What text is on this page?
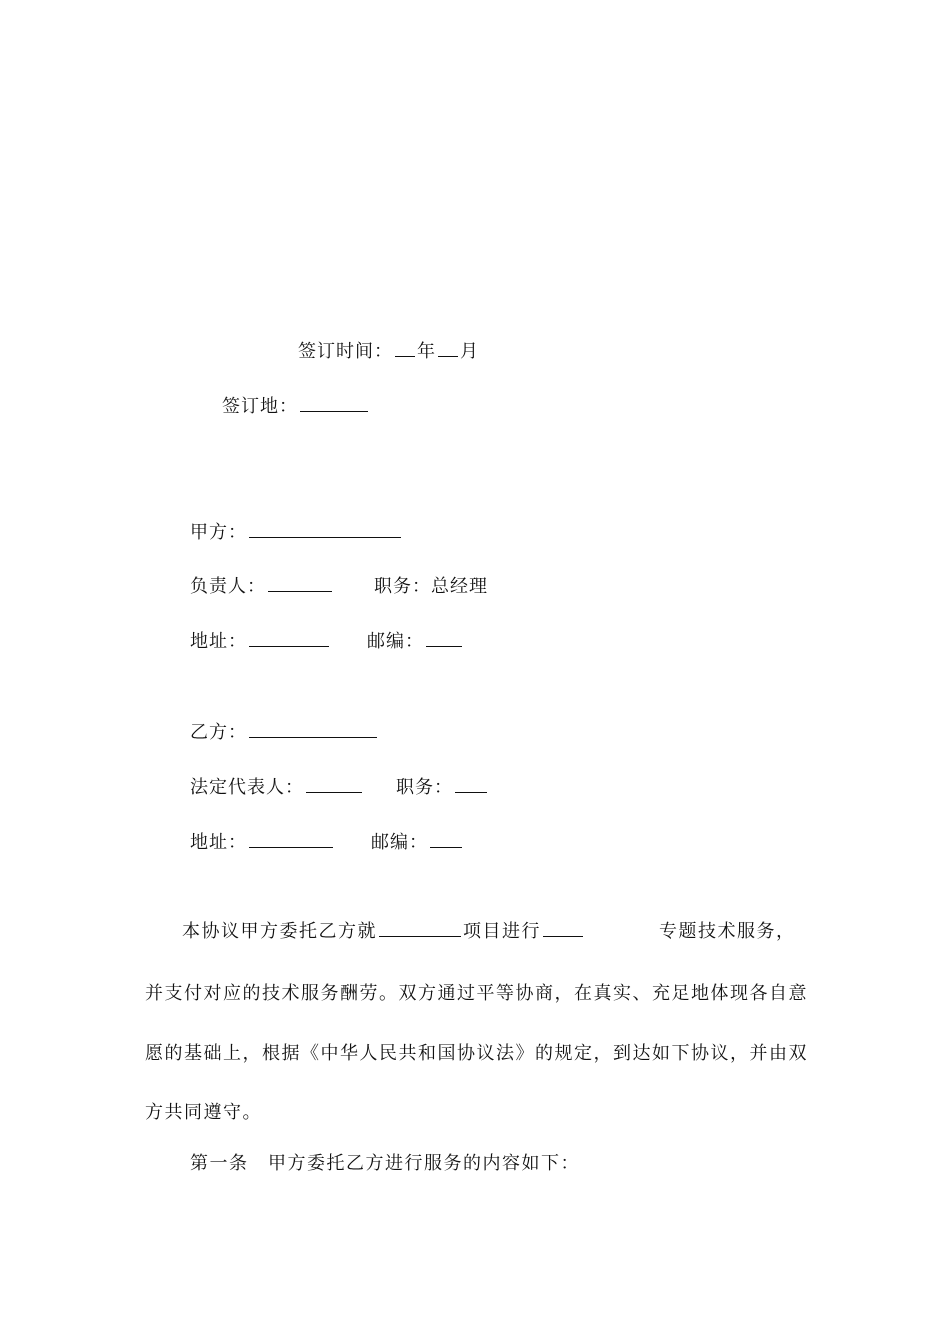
签订时间： 年 月
签订地：
甲方：
负责人：	职务：总经理
地址：	邮编：
乙方：
法定代表人：	职务：
地址：	邮编：
本协议甲方委托乙方就	项目进行	专题技术服务，
并支付对应的技术服务酬劳。双方通过平等协商，在真实、充足地体现各自意
愿的基础上，根据《中华人民共和国协议法》的规定，到达如下协议，并由双
方共同遵守。
第一条　甲方委托乙方进行服务的内容如下：
